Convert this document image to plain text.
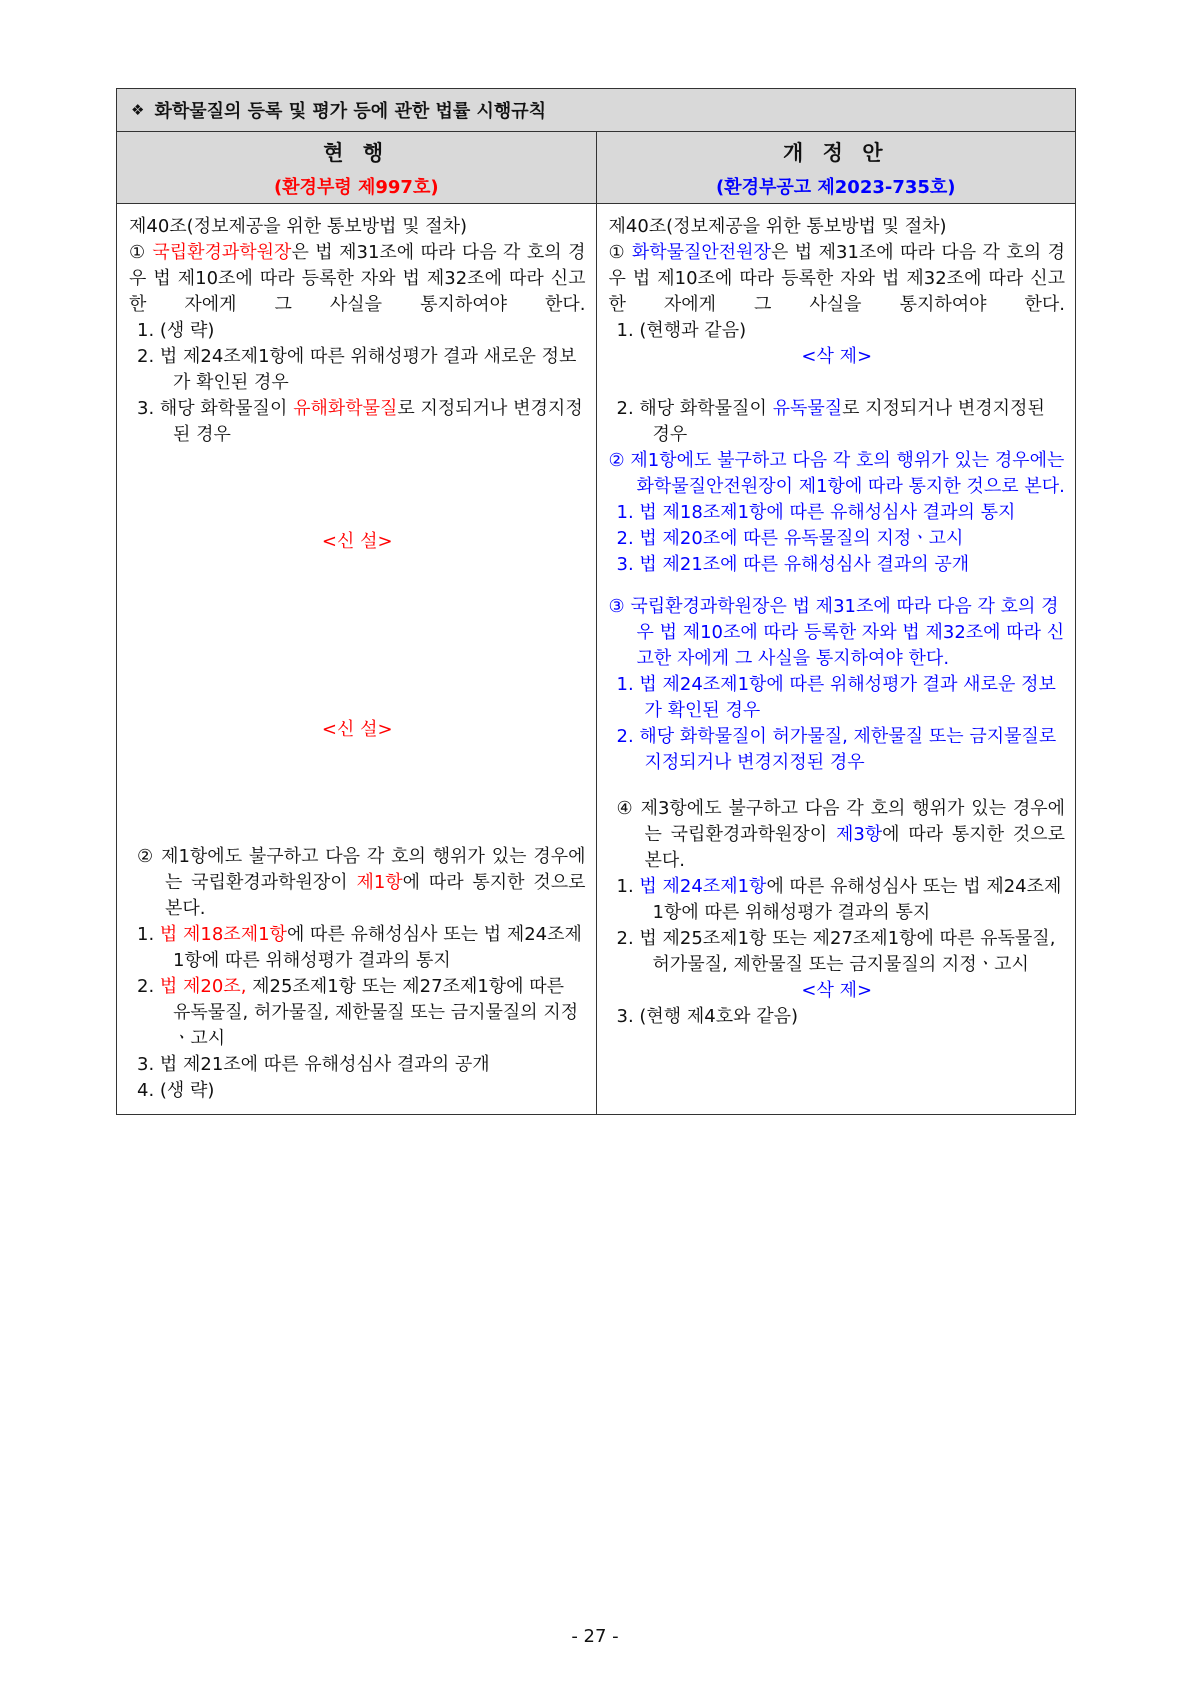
❖ 화학물질의 등록 및 평가 등에 관한 법률 시행규칙
현 행
(환경부령 제997호)
개 정 안
(환경부공고 제2023-735호)

제40조(정보제공을 위한 통보방법 및 절차)

① 국립환경과학원장은 법 제31조에 따라 다음 각 호의 경우 법 제10조에 따라 등록한 자와 법 제32조에 따라 신고한 자에게 그 사실을 통지하여야 한다.

1. (생 략)

2. 법 제24조제1항에 따른 위해성평가 결과 새로운 정보가 확인된 경우

3. 해당 화학물질이 유해화학물질로 지정되거나 변경지정된 경우

<신 설>

<신 설>

② 제1항에도 불구하고 다음 각 호의 행위가 있는 경우에는 국립환경과학원장이 제1항에 따라 통지한 것으로 본다.

1. 법 제18조제1항에 따른 유해성심사 또는 법 제24조제1항에 따른 위해성평가 결과의 통지

2. 법 제20조, 제25조제1항 또는 제27조제1항에 따른 유독물질, 허가물질, 제한물질 또는 금지물질의 지정ㆍ고시

3. 법 제21조에 따른 유해성심사 결과의 공개

4. (생 략)

제40조(정보제공을 위한 통보방법 및 절차)

① 화학물질안전원장은 법 제31조에 따라 다음 각 호의 경우 법 제10조에 따라 등록한 자와 법 제32조에 따라 신고한 자에게 그 사실을 통지하여야 한다.

1. (현행과 같음)

<삭 제>

2. 해당 화학물질이 유독물질로 지정되거나 변경지정된 경우

② 제1항에도 불구하고 다음 각 호의 행위가 있는 경우에는 화학물질안전원장이 제1항에 따라 통지한 것으로 본다.

1. 법 제18조제1항에 따른 유해성심사 결과의 통지

2. 법 제20조에 따른 유독물질의 지정ㆍ고시

3. 법 제21조에 따른 유해성심사 결과의 공개

③ 국립환경과학원장은 법 제31조에 따라 다음 각 호의 경우 법 제10조에 따라 등록한 자와 법 제32조에 따라 신고한 자에게 그 사실을 통지하여야 한다.

1. 법 제24조제1항에 따른 위해성평가 결과 새로운 정보가 확인된 경우

2. 해당 화학물질이 허가물질, 제한물질 또는 금지물질로 지정되거나 변경지정된 경우

④ 제3항에도 불구하고 다음 각 호의 행위가 있는 경우에는 국립환경과학원장이 제3항에 따라 통지한 것으로 본다.

1. 법 제24조제1항에 따른 유해성심사 또는 법 제24조제1항에 따른 위해성평가 결과의 통지

2. 법 제25조제1항 또는 제27조제1항에 따른 유독물질, 허가물질, 제한물질 또는 금지물질의 지정ㆍ고시

<삭 제>

3. (현행 제4호와 같음)

- 27 -
